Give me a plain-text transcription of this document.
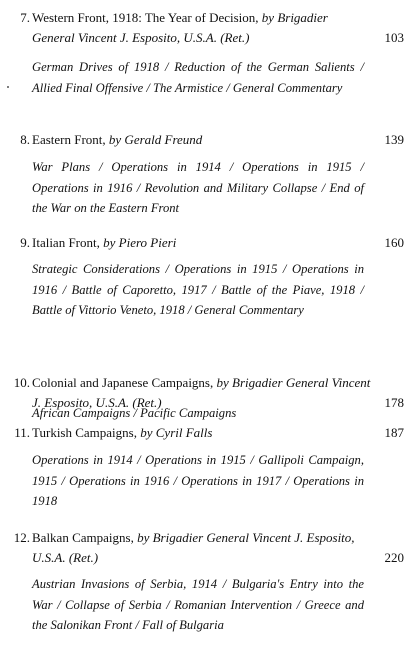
7. Western Front, 1918: The Year of Decision, by Brigadier General Vincent J. Esposito, U.S.A. (Ret.)	103
German Drives of 1918 / Reduction of the German Salients / Allied Final Offensive / The Armistice / General Commentary
8. Eastern Front, by Gerald Freund	139
War Plans / Operations in 1914 / Operations in 1915 / Operations in 1916 / Revolution and Military Collapse / End of the War on the Eastern Front
9. Italian Front, by Piero Pieri	160
Strategic Considerations / Operations in 1915 / Operations in 1916 / Battle of Caporetto, 1917 / Battle of the Piave, 1918 / Battle of Vittorio Veneto, 1918 / General Commentary
10. Colonial and Japanese Campaigns, by Brigadier General Vincent J. Esposito, U.S.A. (Ret.)	178
African Campaigns / Pacific Campaigns
11. Turkish Campaigns, by Cyril Falls	187
Operations in 1914 / Operations in 1915 / Gallipoli Campaign, 1915 / Operations in 1916 / Operations in 1917 / Operations in 1918
12. Balkan Campaigns, by Brigadier General Vincent J. Esposito, U.S.A. (Ret.)	220
Austrian Invasions of Serbia, 1914 / Bulgaria's Entry into the War / Collapse of Serbia / Romanian Intervention / Greece and the Salonikan Front / Fall of Bulgaria
